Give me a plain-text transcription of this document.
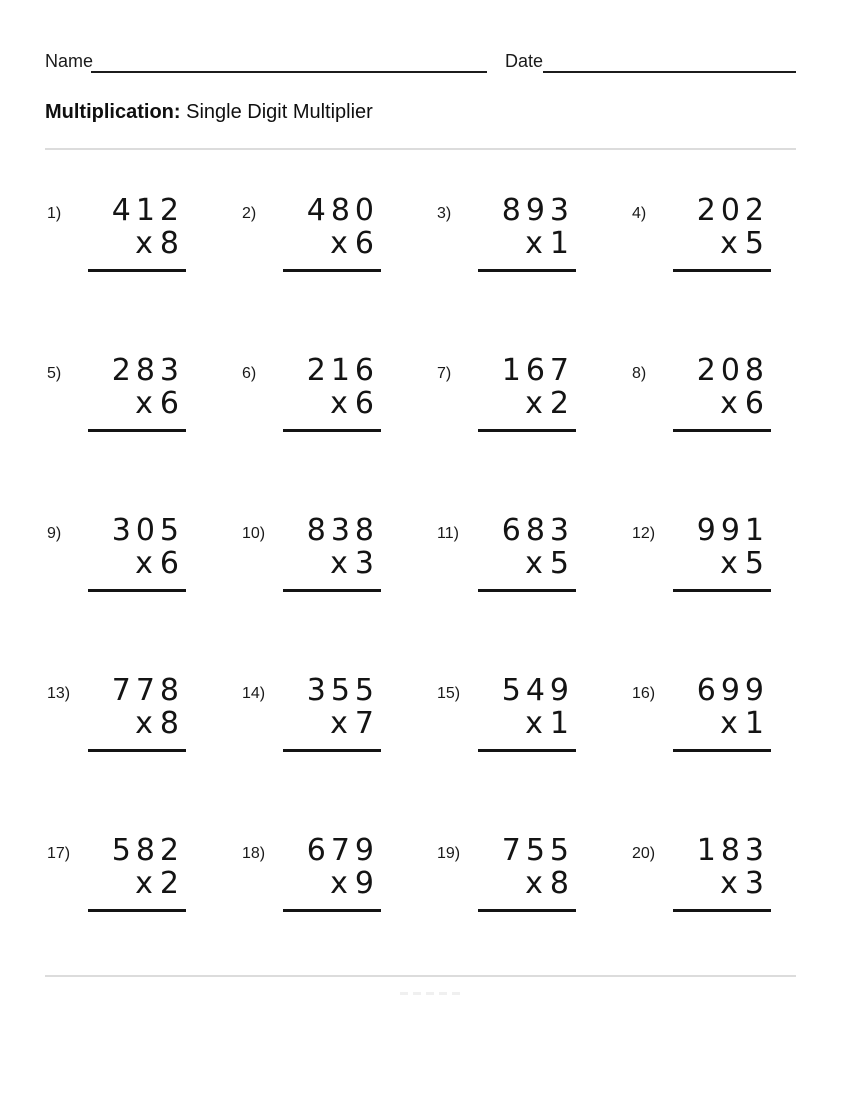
Name	Date
Multiplication: Single Digit Multiplier
1)	412
x 8
2)	480
x 6
3)	893
x 1
4)	202
x 5
5)	283
x 6
6)	216
x 6
7)	167
x 2
8)	208
x 6
9)	305
x 6
10)	838
x 3
11)	683
x 5
12)	991
x 5
13)	778
x 8
14)	355
x 7
15)	549
x 1
16)	699
x 1
17)	582
x 2
18)	679
x 9
19)	755
x 8
20)	183
x 3
